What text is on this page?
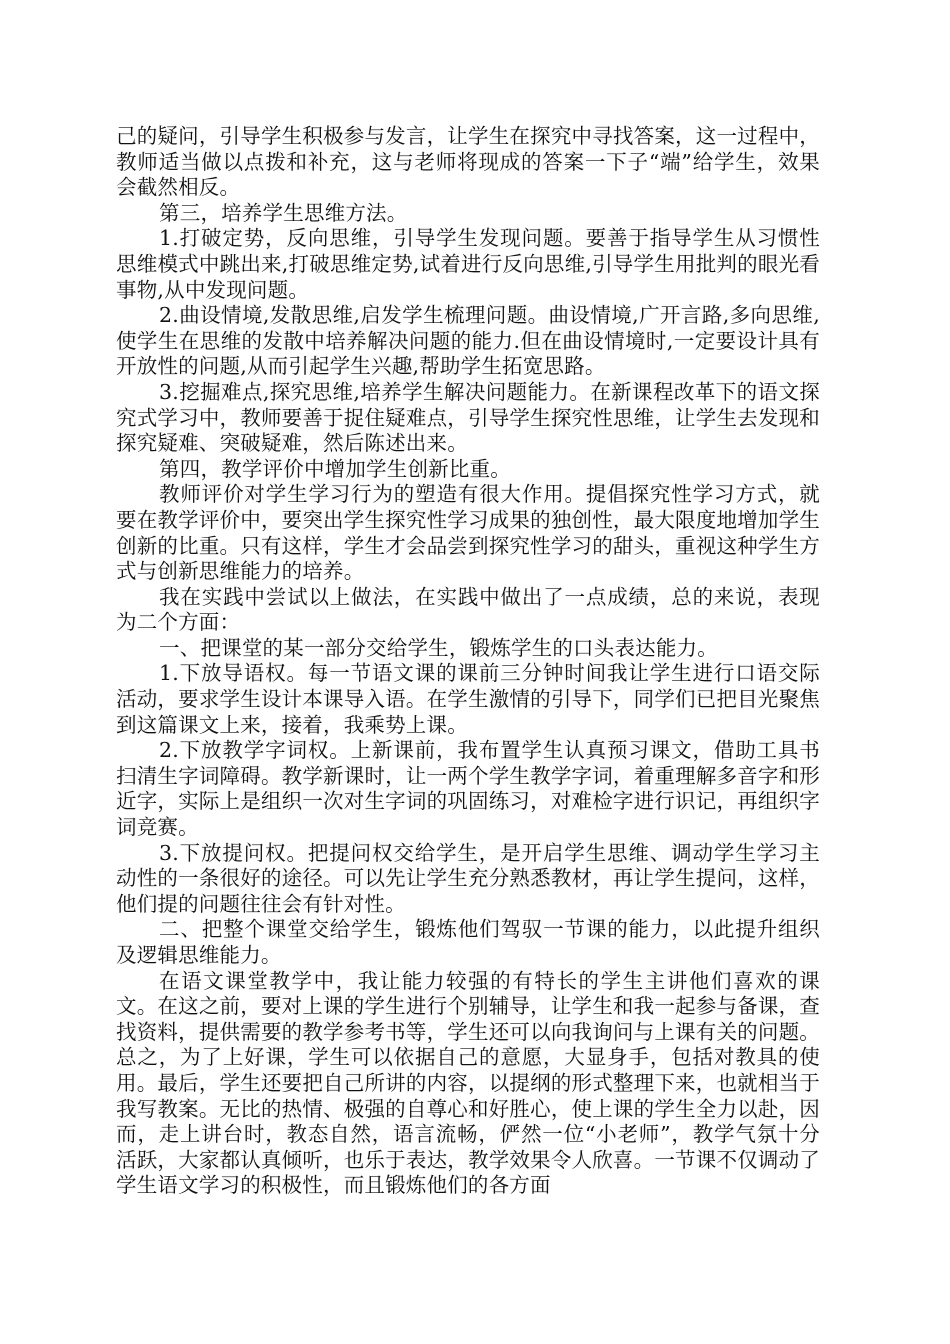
己的疑问，引导学生积极参与发言，让学生在探究中寻找答案，这一过程中，教师适当做以点拨和补充，这与老师将现成的答案一下子“端”给学生，效果会截然相反。

第三，培养学生思维方法。

1.打破定势，反向思维，引导学生发现问题。要善于指导学生从习惯性思维模式中跳出来,打破思维定势,试着进行反向思维,引导学生用批判的眼光看事物,从中发现问题。

2.曲设情境,发散思维,启发学生梳理问题。曲设情境,广开言路,多向思维,使学生在思维的发散中培养解决问题的能力.但在曲设情境时,一定要设计具有开放性的问题,从而引起学生兴趣,帮助学生拓宽思路。

3.挖掘难点,探究思维,培养学生解决问题能力。在新课程改革下的语文探究式学习中，教师要善于捉住疑难点，引导学生探究性思维，让学生去发现和探究疑难、突破疑难，然后陈述出来。

第四，教学评价中增加学生创新比重。

教师评价对学生学习行为的塑造有很大作用。提倡探究性学习方式，就要在教学评价中，要突出学生探究性学习成果的独创性，最大限度地增加学生创新的比重。只有这样，学生才会品尝到探究性学习的甜头，重视这种学生方式与创新思维能力的培养。

我在实践中尝试以上做法，在实践中做出了一点成绩，总的来说，表现为二个方面：

一、把课堂的某一部分交给学生，锻炼学生的口头表达能力。

1.下放导语权。每一节语文课的课前三分钟时间我让学生进行口语交际活动，要求学生设计本课导入语。在学生激情的引导下，同学们已把目光聚焦到这篇课文上来，接着，我乘势上课。

2.下放教学字词权。上新课前，我布置学生认真预习课文，借助工具书扫清生字词障碍。教学新课时，让一两个学生教学字词，着重理解多音字和形近字，实际上是组织一次对生字词的巩固练习，对难检字进行识记，再组织字词竞赛。

3.下放提问权。把提问权交给学生，是开启学生思维、调动学生学习主动性的一条很好的途径。可以先让学生充分熟悉教材，再让学生提问，这样，他们提的问题往往会有针对性。

二、把整个课堂交给学生，锻炼他们驾驭一节课的能力，以此提升组织及逻辑思维能力。

在语文课堂教学中，我让能力较强的有特长的学生主讲他们喜欢的课文。在这之前，要对上课的学生进行个别辅导，让学生和我一起参与备课，查找资料，提供需要的教学参考书等，学生还可以向我询问与上课有关的问题。总之，为了上好课，学生可以依据自己的意愿，大显身手，包括对教具的使用。最后，学生还要把自己所讲的内容，以提纲的形式整理下来，也就相当于我写教案。无比的热情、极强的自尊心和好胜心，使上课的学生全力以赴，因而，走上讲台时，教态自然，语言流畅，俨然一位“小老师”，教学气氛十分活跃，大家都认真倾听，也乐于表达，教学效果令人欣喜。一节课不仅调动了学生语文学习的积极性，而且锻炼他们的各方面
